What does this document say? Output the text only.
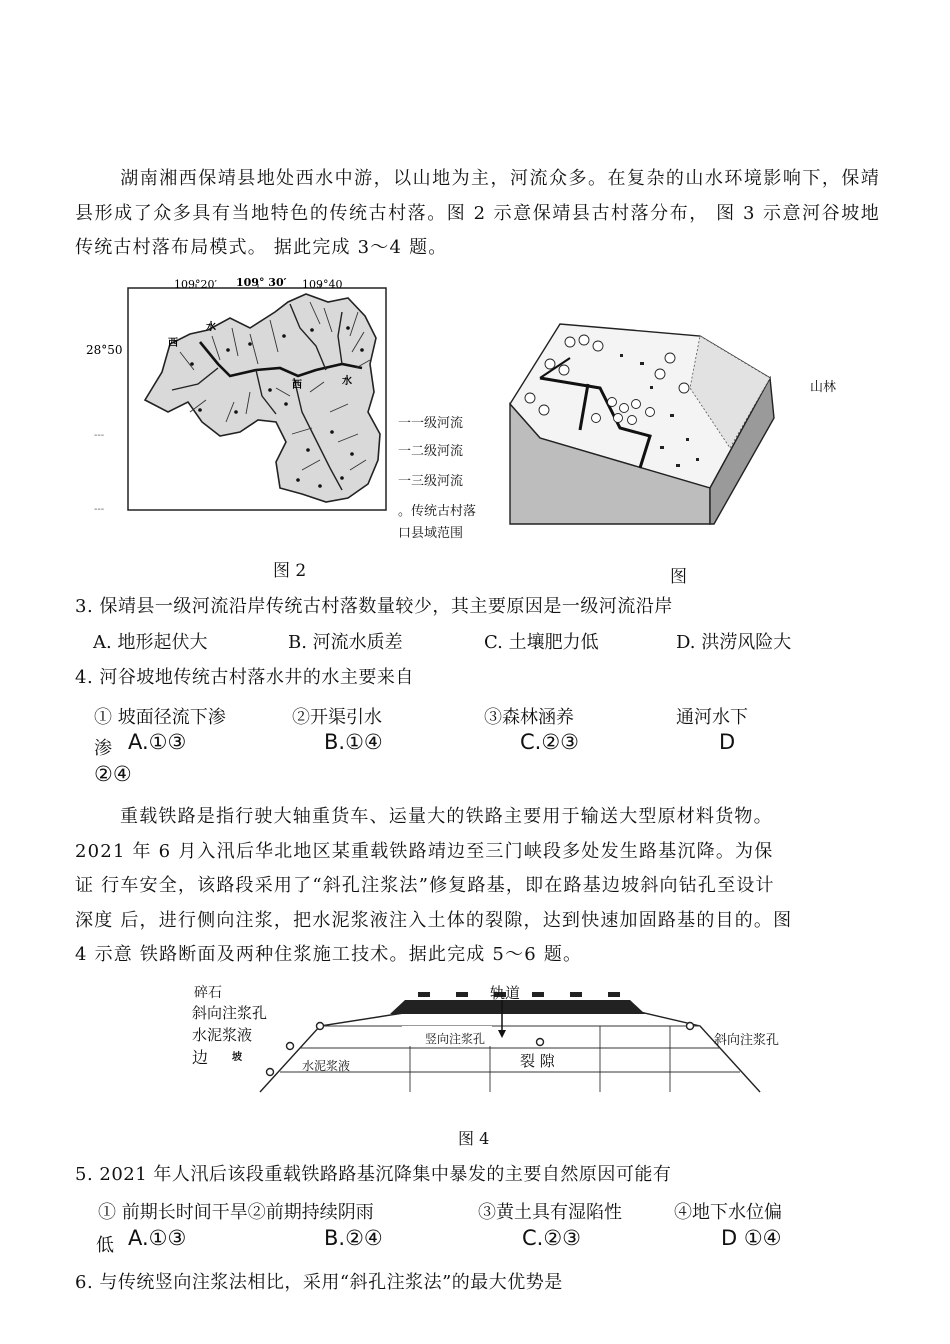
湖南湘西保靖县地处西水中游，以山地为主，河流众多。在复杂的山水环境影响下，保靖县形成了众多具有当地特色的传统古村落。图 2 示意保靖县古村落分布， 图 3 示意河谷坡地传统古村落布局模式。 据此完成 3～4 题。
109°20′ 109° 30′ 109°40
28°50
---
---
水
西
西	水
一一级河流
一二级河流
一三级河流
。传统古村落
口县域范围
图 2
山林
图
3. 保靖县一级河流沿岸传统古村落数量较少，其主要原因是一级河流沿岸
A. 地形起伏大	B. 河流水质差	C. 土壤肥力低	D. 洪涝风险大
4. 河谷坡地传统古村落水井的水主要来自
① 坡面径流下渗	②开渠引水	③森林涵养	通河水下
渗 A.①③	B.①④	C.②③	D
②④
重载铁路是指行驶大轴重货车、运量大的铁路主要用于输送大型原材料货物。
2021 年 6 月入汛后华北地区某重载铁路靖边至三门峡段多处发生路基沉降。为保
证 行车安全，该路段采用了“斜孔注浆法”修复路基，即在路基边坡斜向钻孔至设计
深度 后，进行侧向注浆，把水泥浆液注入土体的裂隙，达到快速加固路基的目的。图
4 示意 铁路断面及两种住浆施工技术。据此完成 5～6 题。
轨道
碎石
斜向注浆孔
水泥浆液
边 坡
竖向注浆孔
水泥浆液	裂 隙
斜向注浆孔
图 4
5. 2021 年人汛后该段重载铁路路基沉降集中暴发的主要自然原因可能有
① 前期长时间干旱②前期持续阴雨	③黄土具有湿陷性	④地下水位偏
低 A.①③	B.②④	C.②③	D ①④
6. 与传统竖向注浆法相比，采用“斜孔注浆法”的最大优势是
